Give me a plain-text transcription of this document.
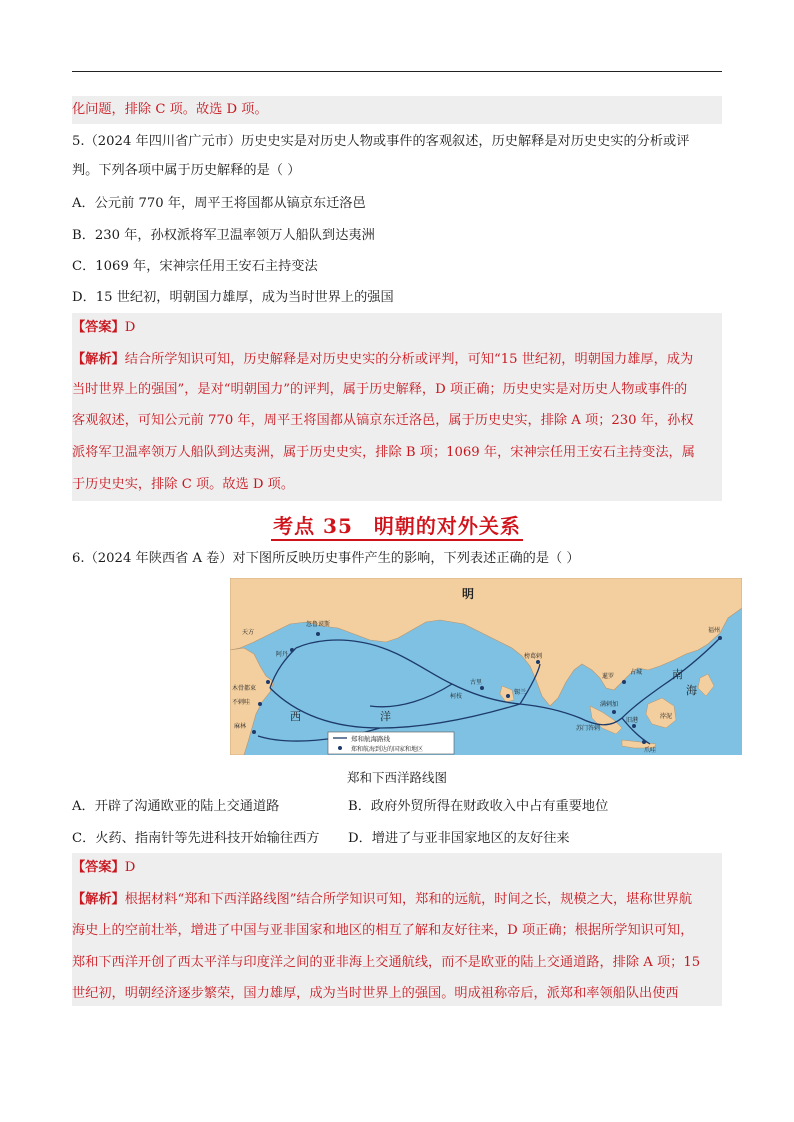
化问题，排除 C 项。故选 D 项。
5.（2024 年四川省广元市）历史史实是对历史人物或事件的客观叙述，历史解释是对历史史实的分析或评
判。下列各项中属于历史解释的是（ ）
A．公元前 770 年，周平王将国都从镐京东迁洛邑
B．230 年，孙权派将军卫温率领万人船队到达夷洲
C．1069 年，宋神宗任用王安石主持变法
D．15 世纪初，明朝国力雄厚，成为当时世界上的强国
【答案】D
【解析】结合所学知识可知，历史解释是对历史史实的分析或评判，可知“15 世纪初，明朝国力雄厚，成为
当时世界上的强国”，是对“明朝国力”的评判，属于历史解释，D 项正确；历史史实是对历史人物或事件的
客观叙述，可知公元前 770 年，周平王将国都从镐京东迁洛邑，属于历史史实，排除 A 项；230 年，孙权
派将军卫温率领万人船队到达夷洲，属于历史史实，排除 B 项；1069 年，宋神宗任用王安石主持变法，属
于历史史实，排除 C 项。故选 D 项。
考点 35　明朝的对外关系
6.（2024 年陕西省 A 卷）对下图所反映历史事件产生的影响，下列表述正确的是（ ）
明
西	洋
南
海
忽鲁谟斯
阿丹
木骨都束
不剌哇
麻林
榜葛剌
古里
锡兰
满剌加
旧港
爪哇
占城
暹罗
苏门答剌
天方	福州
柯枝
浡泥
郑和航海路线
郑和航海到达的国家和地区
郑和下西洋路线图
A．开辟了沟通欧亚的陆上交通道路	B．政府外贸所得在财政收入中占有重要地位
C．火药、指南针等先进科技开始输往西方 D．增进了与亚非国家地区的友好往来
【答案】D
【解析】根据材料“郑和下西洋路线图”结合所学知识可知，郑和的远航，时间之长，规模之大，堪称世界航
海史上的空前壮举，增进了中国与亚非国家和地区的相互了解和友好往来，D 项正确；根据所学知识可知，
郑和下西洋开创了西太平洋与印度洋之间的亚非海上交通航线，而不是欧亚的陆上交通道路，排除 A 项；15
世纪初，明朝经济逐步繁荣，国力雄厚，成为当时世界上的强国。明成祖称帝后，派郑和率领船队出使西
